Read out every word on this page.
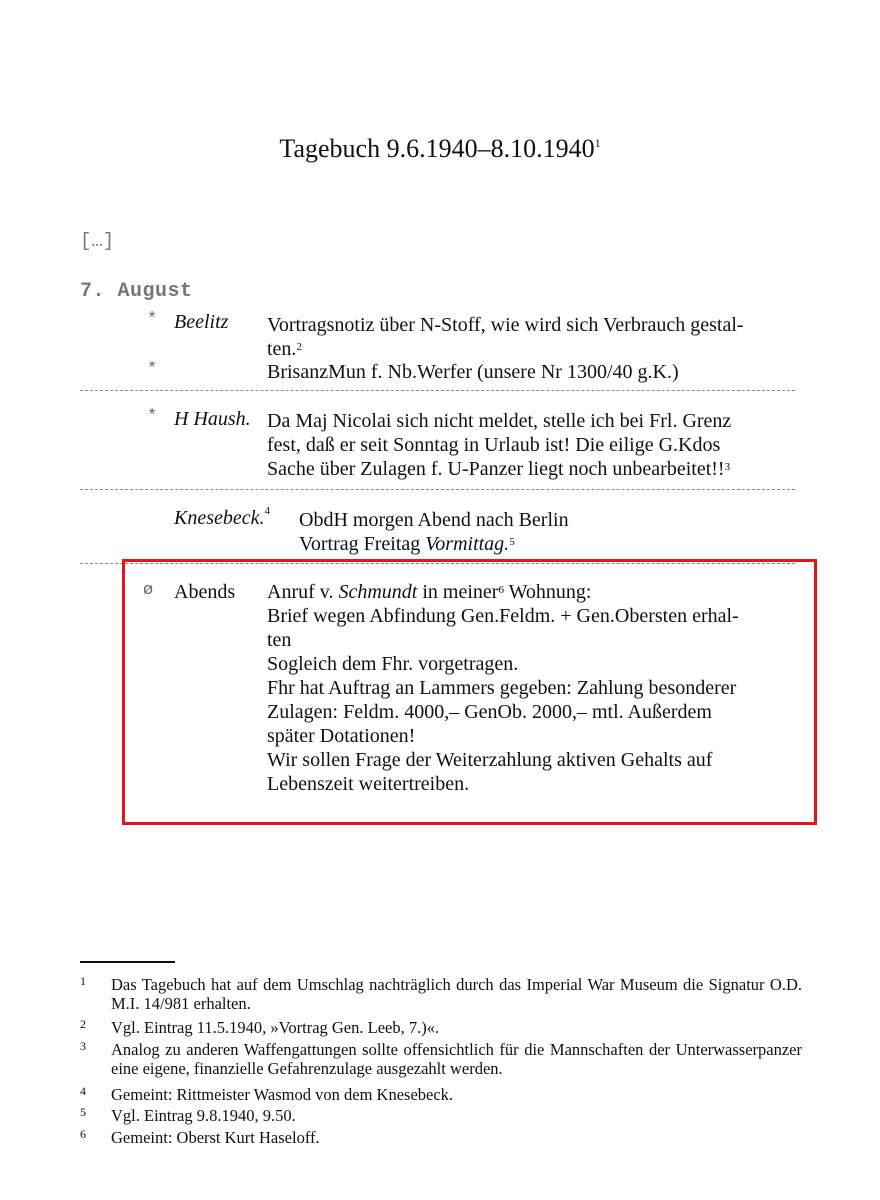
Tagebuch 9.6.1940–8.10.1940$^1$
[…]
7. August
* Beelitz Vortragsnotiz über N-Stoff, wie wird sich Verbrauch gestal-
ten.$^2$
*	BrisanzMun f. Nb.Werfer (unsere Nr 1300/40 g.K.)
* H Haush. Da Maj Nicolai sich nicht meldet, stelle ich bei Frl. Grenz
fest, daß er seit Sonntag in Urlaub ist! Die eilige G.Kdos
Sache über Zulagen f. U-Panzer liegt noch unbearbeitet!!$^3$
Knesebeck.$^4$ ObdH morgen Abend nach Berlin
Vortrag Freitag Vormittag.$^5$
ø Abends Anruf v. Schmundt in meiner$^6$ Wohnung:
Brief wegen Abfindung Gen.Feldm. + Gen.Obersten erhal-
ten
Sogleich dem Fhr. vorgetragen.
Fhr hat Auftrag an Lammers gegeben: Zahlung besonderer
Zulagen: Feldm. 4000,– GenOb. 2000,– mtl. Außerdem
später Dotationen!
Wir sollen Frage der Weiterzahlung aktiven Gehalts auf
Lebenszeit weitertreiben.
1 Das Tagebuch hat auf dem Umschlag nachträglich durch das Imperial War Museum die Signatur O.D. M.I. 14/981 erhalten.
2 Vgl. Eintrag 11.5.1940, »Vortrag Gen. Leeb, 7.)«.
3 Analog zu anderen Waffengattungen sollte offensichtlich für die Mannschaften der Unterwasserpanzer eine eigene, finanzielle Gefahrenzulage ausgezahlt werden.
4 Gemeint: Rittmeister Wasmod von dem Knesebeck.
5 Vgl. Eintrag 9.8.1940, 9.50.
6 Gemeint: Oberst Kurt Haseloff.
